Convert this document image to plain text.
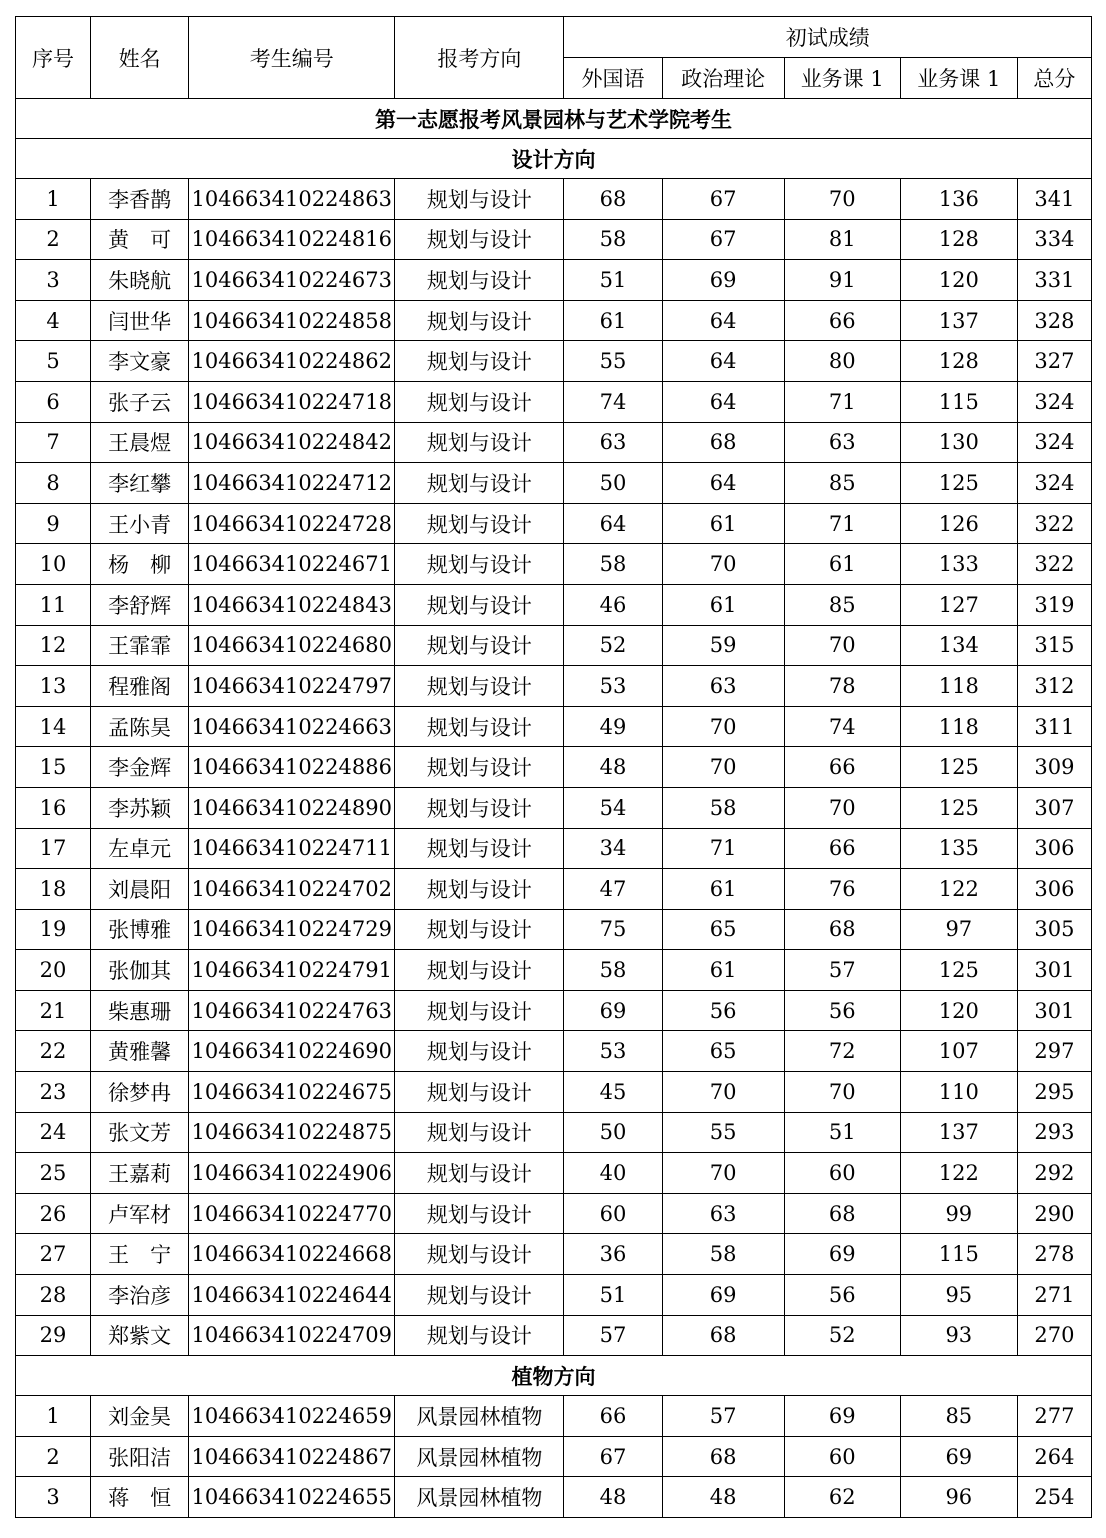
序号	姓名	考生编号	报考方向	初试成绩				
				外国语	政治理论	业务课 1	业务课 1	总分
第一志愿报考风景园林与艺术学院考生								
设计方向								
1	李香鹊	104663410224863	规划与设计	68	67	70	136	341
2	黄　可	104663410224816	规划与设计	58	67	81	128	334
3	朱晓航	104663410224673	规划与设计	51	69	91	120	331
4	闫世华	104663410224858	规划与设计	61	64	66	137	328
5	李文豪	104663410224862	规划与设计	55	64	80	128	327
6	张子云	104663410224718	规划与设计	74	64	71	115	324
7	王晨煜	104663410224842	规划与设计	63	68	63	130	324
8	李红攀	104663410224712	规划与设计	50	64	85	125	324
9	王小青	104663410224728	规划与设计	64	61	71	126	322
10	杨　柳	104663410224671	规划与设计	58	70	61	133	322
11	李舒辉	104663410224843	规划与设计	46	61	85	127	319
12	王霏霏	104663410224680	规划与设计	52	59	70	134	315
13	程雅阁	104663410224797	规划与设计	53	63	78	118	312
14	孟陈昊	104663410224663	规划与设计	49	70	74	118	311
15	李金辉	104663410224886	规划与设计	48	70	66	125	309
16	李苏颖	104663410224890	规划与设计	54	58	70	125	307
17	左卓元	104663410224711	规划与设计	34	71	66	135	306
18	刘晨阳	104663410224702	规划与设计	47	61	76	122	306
19	张博雅	104663410224729	规划与设计	75	65	68	97	305
20	张伽其	104663410224791	规划与设计	58	61	57	125	301
21	柴惠珊	104663410224763	规划与设计	69	56	56	120	301
22	黄雅馨	104663410224690	规划与设计	53	65	72	107	297
23	徐梦冉	104663410224675	规划与设计	45	70	70	110	295
24	张文芳	104663410224875	规划与设计	50	55	51	137	293
25	王嘉莉	104663410224906	规划与设计	40	70	60	122	292
26	卢军材	104663410224770	规划与设计	60	63	68	99	290
27	王　宁	104663410224668	规划与设计	36	58	69	115	278
28	李治彦	104663410224644	规划与设计	51	69	56	95	271
29	郑紫文	104663410224709	规划与设计	57	68	52	93	270
植物方向								
1	刘金昊	104663410224659	风景园林植物	66	57	69	85	277
2	张阳洁	104663410224867	风景园林植物	67	68	60	69	264
3	蒋　恒	104663410224655	风景园林植物	48	48	62	96	254
